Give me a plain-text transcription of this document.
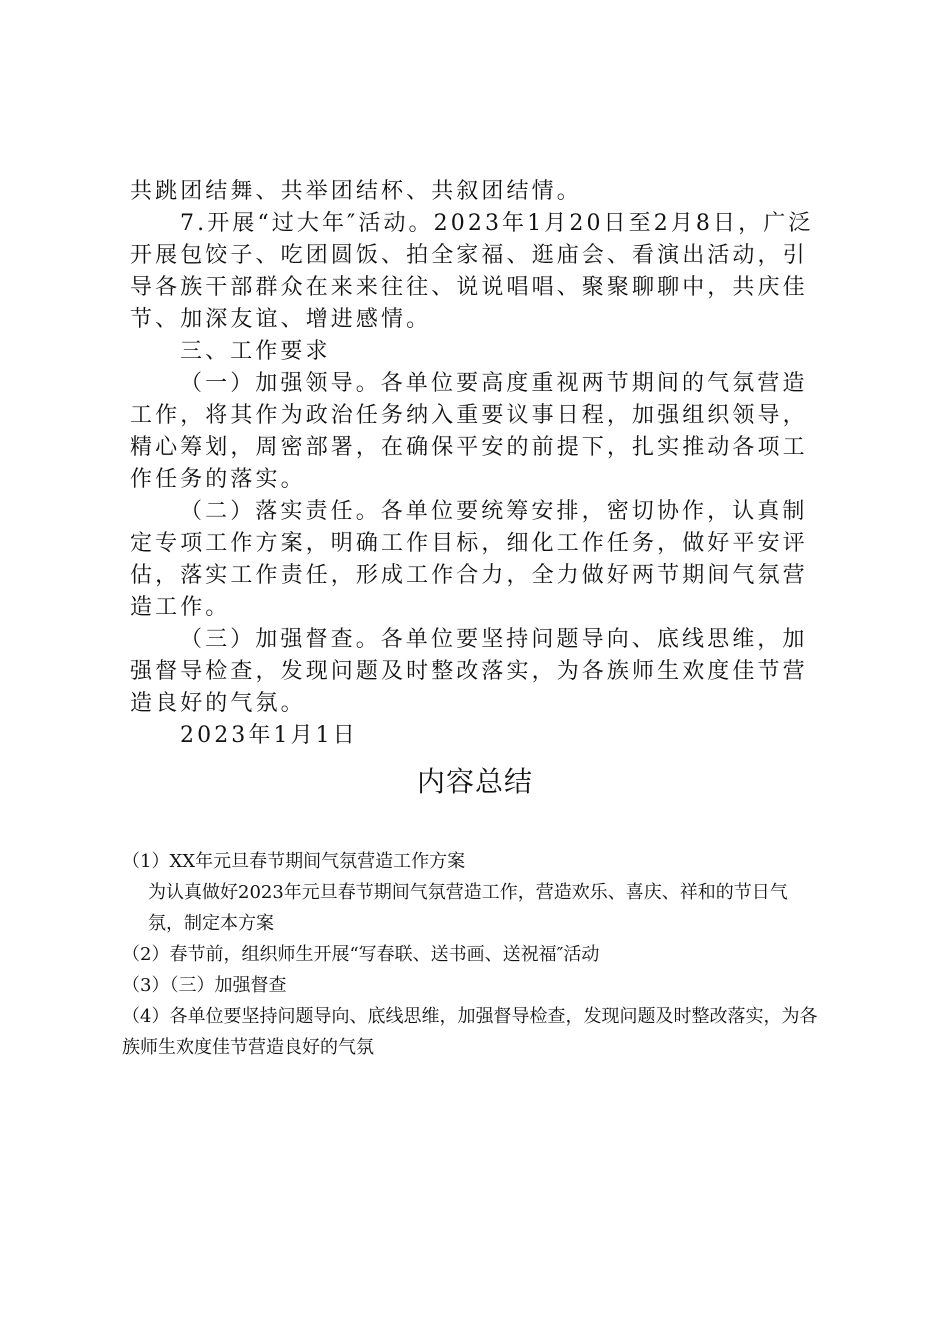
共跳团结舞、共举团结杯、共叙团结情。

7.开展“过大年″活动。2023年1月20日至2月8日，广泛开展包饺子、吃团圆饭、拍全家福、逛庙会、看演出活动，引导各族干部群众在来来往往、说说唱唱、聚聚聊聊中，共庆佳节、加深友谊、增进感情。

三、工作要求

（一）加强领导。各单位要高度重视两节期间的气氛营造工作，将其作为政治任务纳入重要议事日程，加强组织领导，精心筹划，周密部署，在确保平安的前提下，扎实推动各项工作任务的落实。

（二）落实责任。各单位要统筹安排，密切协作，认真制定专项工作方案，明确工作目标，细化工作任务，做好平安评估，落实工作责任，形成工作合力，全力做好两节期间气氛营造工作。

（三）加强督查。各单位要坚持问题导向、底线思维，加强督导检查，发现问题及时整改落实，为各族师生欢度佳节营造良好的气氛。

2023年1月1日

内容总结

（1）XX年元旦春节期间气氛营造工作方案

为认真做好2023年元旦春节期间气氛营造工作，营造欢乐、喜庆、祥和的节日气氛，制定本方案

（2）春节前，组织师生开展“写春联、送书画、送祝福″活动

（3）（三）加强督查

（4）各单位要坚持问题导向、底线思维，加强督导检查，发现问题及时整改落实，为各族师生欢度佳节营造良好的气氛
